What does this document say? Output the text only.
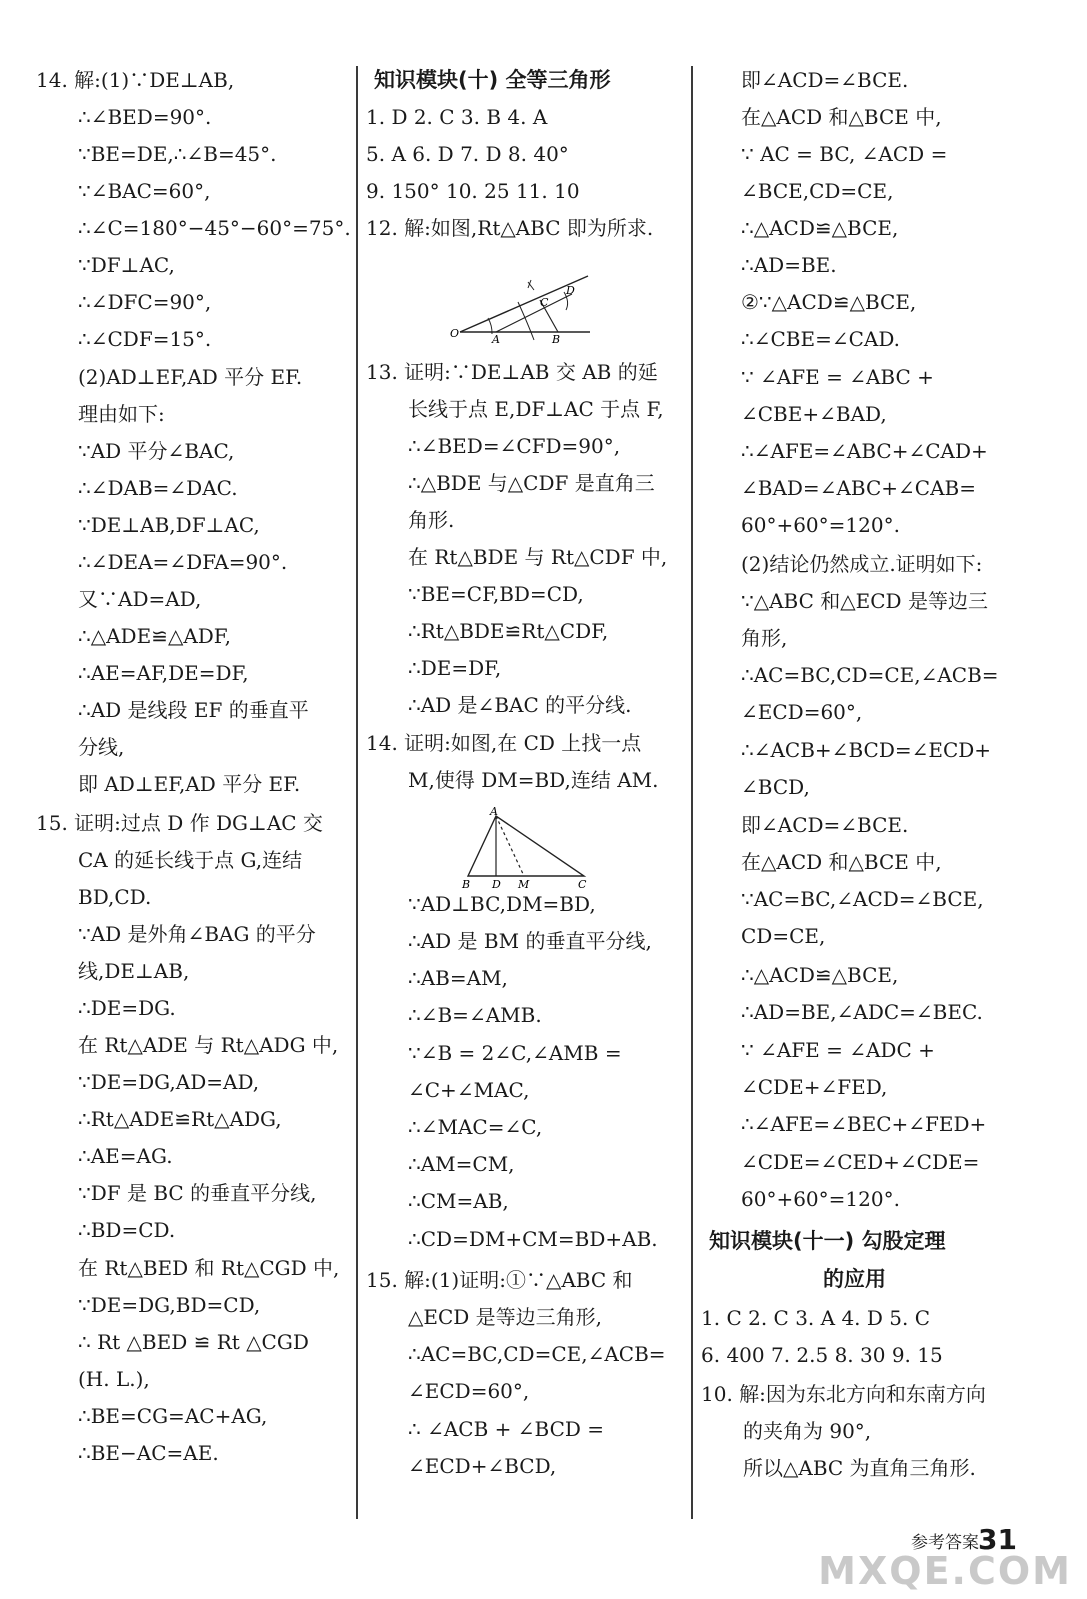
14. 解:(1)∵DE⊥AB,
∴∠BED=90°.
∵BE=DE,∴∠B=45°.
∵∠BAC=60°,
∴∠C=180°−45°−60°=75°.
∵DF⊥AC,
∴∠DFC=90°,
∴∠CDF=15°.
(2)AD⊥EF,AD 平分 EF.
理由如下:
∵AD 平分∠BAC,
∴∠DAB=∠DAC.
∵DE⊥AB,DF⊥AC,
∴∠DEA=∠DFA=90°.
又∵AD=AD,
∴△ADE≌△ADF,
∴AE=AF,DE=DF,
∴AD 是线段 EF 的垂直平
分线,
即 AD⊥EF,AD 平分 EF.
15. 证明:过点 D 作 DG⊥AC 交
CA 的延长线于点 G,连结
BD,CD.
∵AD 是外角∠BAG 的平分
线,DE⊥AB,
∴DE=DG.
在 Rt△ADE 与 Rt△ADG 中,
∵DE=DG,AD=AD,
∴Rt△ADE≌Rt△ADG,
∴AE=AG.
∵DF 是 BC 的垂直平分线,
∴BD=CD.
在 Rt△BED 和 Rt△CGD 中,
∵DE=DG,BD=CD,
∴ Rt △BED ≌ Rt △CGD
(H. L.),
∴BE=CG=AC+AG,
∴BE−AC=AE.
知识模块(十) 全等三角形
1. D 2. C 3. B 4. A
5. A 6. D 7. D 8. 40°
9. 150° 10. 25 11. 10
12. 解:如图,Rt△ABC 即为所求.
13. 证明:∵DE⊥AB 交 AB 的延
长线于点 E,DF⊥AC 于点 F,
∴∠BED=∠CFD=90°,
∴△BDE 与△CDF 是直角三
角形.
在 Rt△BDE 与 Rt△CDF 中,
∵BE=CF,BD=CD,
∴Rt△BDE≌Rt△CDF,
∴DE=DF,
∴AD 是∠BAC 的平分线.
14. 证明:如图,在 CD 上找一点
M,使得 DM=BD,连结 AM.
∵AD⊥BC,DM=BD,
∴AD 是 BM 的垂直平分线,
∴AB=AM,
∴∠B=∠AMB.
∵∠B = 2∠C,∠AMB =
∠C+∠MAC,
∴∠MAC=∠C,
∴AM=CM,
∴CM=AB,
∴CD=DM+CM=BD+AB.
15. 解:(1)证明:①∵△ABC 和
△ECD 是等边三角形,
∴AC=BC,CD=CE,∠ACB=
∠ECD=60°,
∴ ∠ACB + ∠BCD =
∠ECD+∠BCD,
即∠ACD=∠BCE.
在△ACD 和△BCE 中,
∵ AC = BC, ∠ACD =
∠BCE,CD=CE,
∴△ACD≌△BCE,
∴AD=BE.
②∵△ACD≌△BCE,
∴∠CBE=∠CAD.
∵ ∠AFE = ∠ABC +
∠CBE+∠BAD,
∴∠AFE=∠ABC+∠CAD+
∠BAD=∠ABC+∠CAB=
60°+60°=120°.
(2)结论仍然成立.证明如下:
∵△ABC 和△ECD 是等边三
角形,
∴AC=BC,CD=CE,∠ACB=
∠ECD=60°,
∴∠ACB+∠BCD=∠ECD+
∠BCD,
即∠ACD=∠BCE.
在△ACD 和△BCE 中,
∵AC=BC,∠ACD=∠BCE,
CD=CE,
∴△ACD≌△BCE,
∴AD=BE,∠ADC=∠BEC.
∵ ∠AFE = ∠ADC +
∠CDE+∠FED,
∴∠AFE=∠BEC+∠FED+
∠CDE=∠CED+∠CDE=
60°+60°=120°.
知识模块(十一) 勾股定理
的应用
1. C 2. C 3. A 4. D 5. C
6. 400 7. 2.5 8. 30 9. 15
10. 解:因为东北方向和东南方向
的夹角为 90°,
所以△ABC 为直角三角形.
O	A	B
C
D
A
B D M	C
参考答案 31
MXQE.COM
